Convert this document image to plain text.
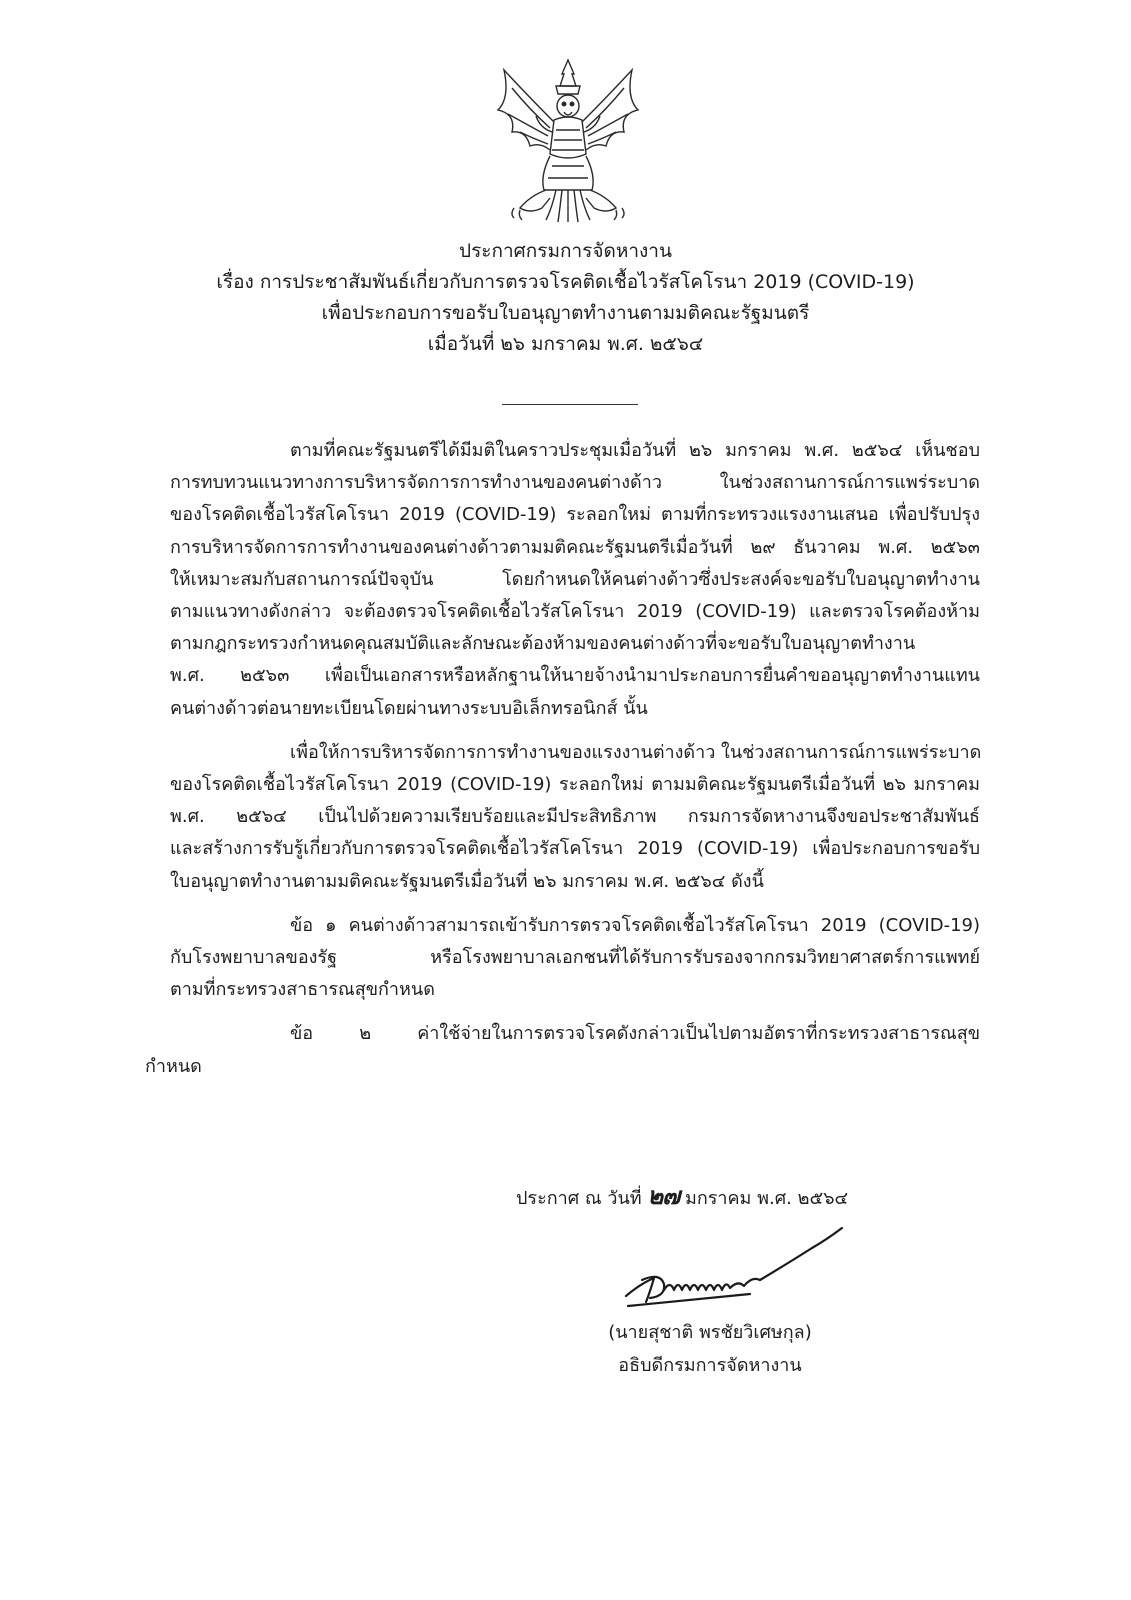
ประกาศกรมการจัดหางาน
เรื่อง การประชาสัมพันธ์เกี่ยวกับการตรวจโรคติดเชื้อไวรัสโคโรนา 2019 (COVID-19)
เพื่อประกอบการขอรับใบอนุญาตทำงานตามมติคณะรัฐมนตรี
เมื่อวันที่ ๒๖ มกราคม พ.ศ. ๒๕๖๔
ตามที่คณะรัฐมนตรีได้มีมติในคราวประชุมเมื่อวันที่ ๒๖ มกราคม พ.ศ. ๒๕๖๔ เห็นชอบ
การทบทวนแนวทางการบริหารจัดการการทำงานของคนต่างด้าว ในช่วงสถานการณ์การแพร่ระบาด
ของโรคติดเชื้อไวรัสโคโรนา 2019 (COVID-19) ระลอกใหม่ ตามที่กระทรวงแรงงานเสนอ เพื่อปรับปรุง
การบริหารจัดการการทำงานของคนต่างด้าวตามมติคณะรัฐมนตรีเมื่อวันที่ ๒๙ ธันวาคม พ.ศ. ๒๕๖๓
ให้เหมาะสมกับสถานการณ์ปัจจุบัน โดยกำหนดให้คนต่างด้าวซึ่งประสงค์จะขอรับใบอนุญาตทำงาน
ตามแนวทางดังกล่าว จะต้องตรวจโรคติดเชื้อไวรัสโคโรนา 2019 (COVID-19) และตรวจโรคต้องห้าม
ตามกฎกระทรวงกำหนดคุณสมบัติและลักษณะต้องห้ามของคนต่างด้าวที่จะขอรับใบอนุญาตทำงาน
พ.ศ. ๒๕๖๓ เพื่อเป็นเอกสารหรือหลักฐานให้นายจ้างนำมาประกอบการยื่นคำขออนุญาตทำงานแทน
คนต่างด้าวต่อนายทะเบียนโดยผ่านทางระบบอิเล็กทรอนิกส์ นั้น
เพื่อให้การบริหารจัดการการทำงานของแรงงานต่างด้าว ในช่วงสถานการณ์การแพร่ระบาด
ของโรคติดเชื้อไวรัสโคโรนา 2019 (COVID-19) ระลอกใหม่ ตามมติคณะรัฐมนตรีเมื่อวันที่ ๒๖ มกราคม
พ.ศ. ๒๕๖๔ เป็นไปด้วยความเรียบร้อยและมีประสิทธิภาพ กรมการจัดหางานจึงขอประชาสัมพันธ์
และสร้างการรับรู้เกี่ยวกับการตรวจโรคติดเชื้อไวรัสโคโรนา 2019 (COVID-19) เพื่อประกอบการขอรับ
ใบอนุญาตทำงานตามมติคณะรัฐมนตรีเมื่อวันที่ ๒๖ มกราคม พ.ศ. ๒๕๖๔ ดังนี้
ข้อ ๑ คนต่างด้าวสามารถเข้ารับการตรวจโรคติดเชื้อไวรัสโคโรนา 2019 (COVID-19)
กับโรงพยาบาลของรัฐ หรือโรงพยาบาลเอกชนที่ได้รับการรับรองจากกรมวิทยาศาสตร์การแพทย์
ตามที่กระทรวงสาธารณสุขกำหนด
ข้อ ๒ ค่าใช้จ่ายในการตรวจโรคดังกล่าวเป็นไปตามอัตราที่กระทรวงสาธารณสุข
กำหนด
ประกาศ ณ วันที่ ๒๗ มกราคม พ.ศ. ๒๕๖๔
(นายสุชาติ พรชัยวิเศษกุล)
อธิบดีกรมการจัดหางาน
